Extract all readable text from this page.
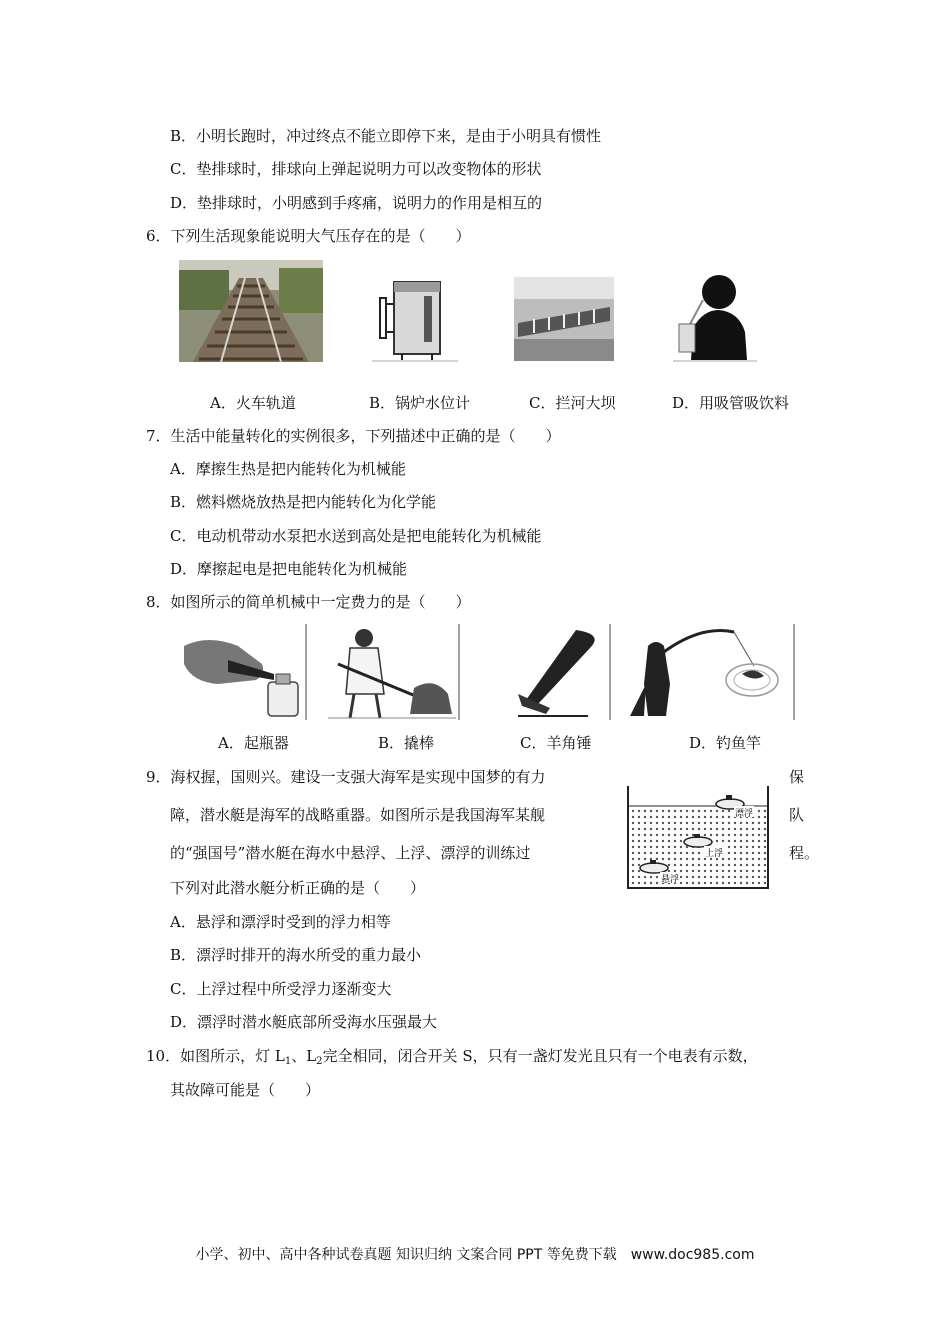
B．小明长跑时，冲过终点不能立即停下来，是由于小明具有惯性
C．垫排球时，排球向上弹起说明力可以改变物体的形状
D．垫排球时，小明感到手疼痛，说明力的作用是相互的
6．下列生活现象能说明大气压存在的是（　　）
A．火车轨道	B．锅炉水位计	C．拦河大坝	D．用吸管吸饮料
7．生活中能量转化的实例很多，下列描述中正确的是（　　）
A．摩擦生热是把内能转化为机械能
B．燃料燃烧放热是把内能转化为化学能
C．电动机带动水泵把水送到高处是把电能转化为机械能
D．摩擦起电是把电能转化为机械能
8．如图所示的简单机械中一定费力的是（　　）
A．起瓶器	B．撬棒	C．羊角锤	D．钓鱼竿
9．海权握，国则兴。建设一支强大海军是实现中国梦的有力	保
障，潜水艇是海军的战略重器。如图所示是我国海军某舰	队
的“强国号”潜水艇在海水中悬浮、上浮、漂浮的训练过	程。
下列对此潜水艇分析正确的是（　　）
漂浮
上浮
悬浮
A．悬浮和漂浮时受到的浮力相等
B．漂浮时排开的海水所受的重力最小
C．上浮过程中所受浮力逐渐变大
D．漂浮时潜水艇底部所受海水压强最大
10．如图所示，灯 $L_1$、$L_2$完全相同，闭合开关 S，只有一盏灯发光且只有一个电表有示数，
其故障可能是（　　）
小学、初中、高中各种试卷真题 知识归纳 文案合同 PPT 等免费下载　www.doc985.com
